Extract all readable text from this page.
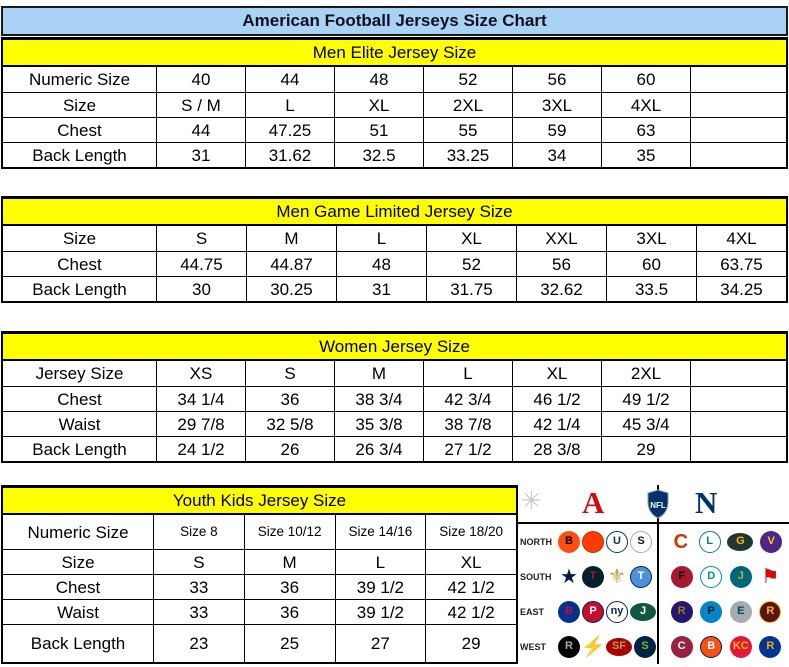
American Football Jerseys Size Chart
Men Elite Jersey Size
Numeric Size	40	44	48	52	56	60
Size	S / M	L	XL	2XL	3XL	4XL
Chest	44	47.25	51	55	59	63
Back Length	31	31.62	32.5	33.25	34	35
Men Game Limited Jersey Size
Size	S	M	L	XL	XXL	3XL	4XL
Chest	44.75	44.87	48	52	56	60	63.75
Back Length	30	30.25	31	31.75	32.62	33.5	34.25
Women Jersey Size
Jersey Size	XS	S	M	L	XL	2XL
Chest	34 1/4	36	38 3/4	42 3/4	46 1/2	49 1/2
Waist	29 7/8	32 5/8	35 3/8	38 7/8	42 1/4	45 3/4
Back Length	24 1/2	26	26 3/4	27 1/2	28 3/8	29
Youth Kids Jersey Size
Numeric Size	Size 8	Size 10/12	Size 14/16	Size 18/20
Size	S	M	L	XL
Chest	33	36	39 1/2	42 1/2
Waist	33	36	39 1/2	42 1/2
Back Length	23	25	27	29
✳ A	NFL N
NORTH	B	U	S	C	L	G	V
SOUTH ★	T ⚜	T	F	D	J ⚑
EAST	B	P	ny	J	R	P	E	R
WEST	R ⚡ SF	S	C	B	KC	R
